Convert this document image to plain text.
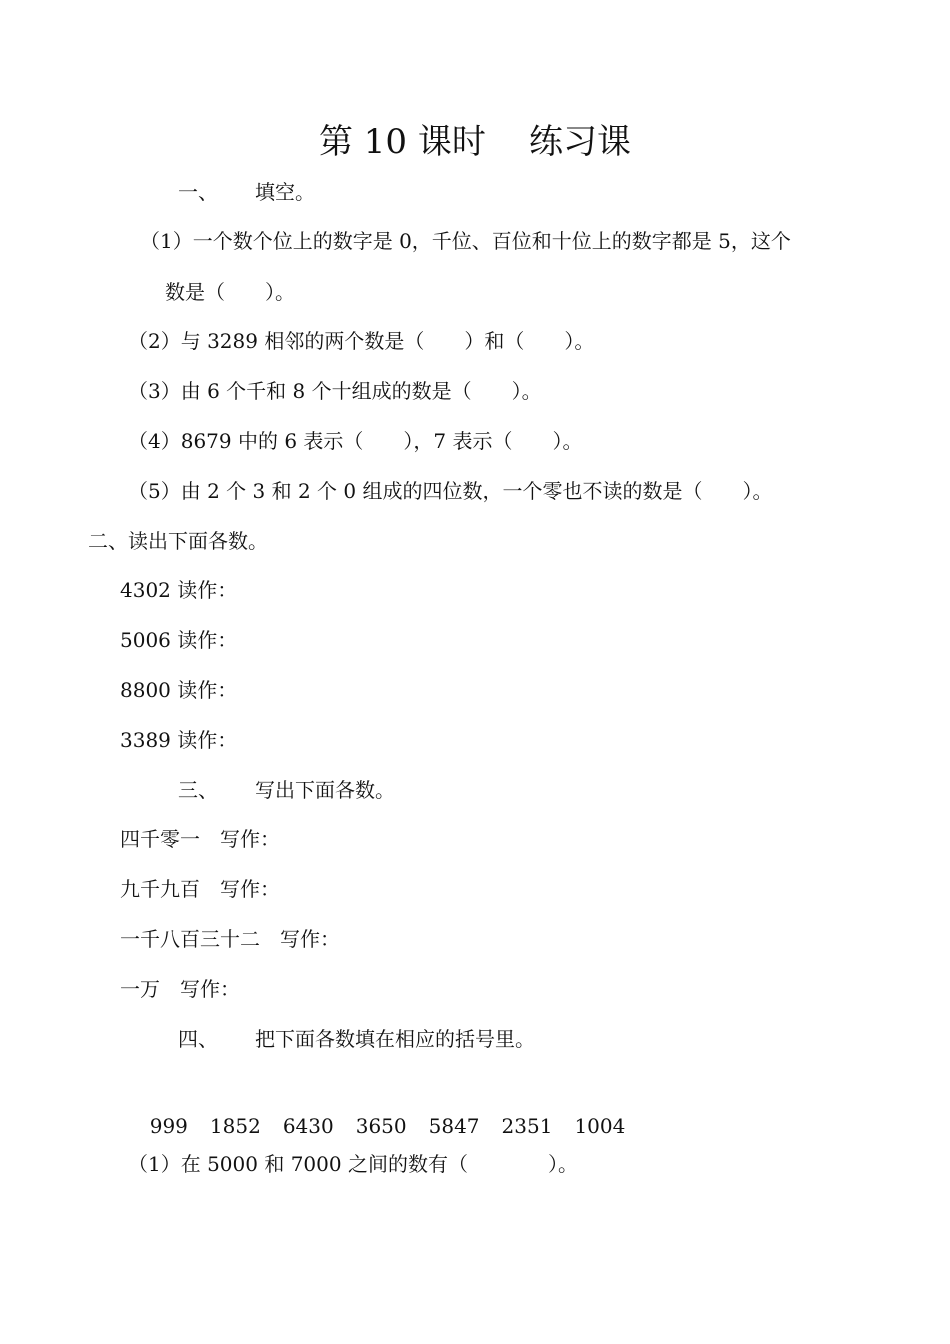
第 10 课时    练习课
一、 填空。
（1）一个数个位上的数字是 0，千位、百位和十位上的数字都是 5，这个
数是（　　）。
（2）与 3289 相邻的两个数是（　　）和（　　）。
（3）由 6 个千和 8 个十组成的数是（　　）。
（4）8679 中的 6 表示（　　），7 表示（　　）。
（5）由 2 个 3 和 2 个 0 组成的四位数，一个零也不读的数是（　　）。
二、读出下面各数。
4302 读作：
5006 读作：
8800 读作：
3389 读作：
三、 写出下面各数。
四千零一　写作：
九千九百　写作：
一千八百三十二　写作：
一万　写作：
四、 把下面各数填在相应的括号里。

999 1852 6430 3650 5847 2351 1004

（1）在 5000 和 7000 之间的数有（　　　　）。
